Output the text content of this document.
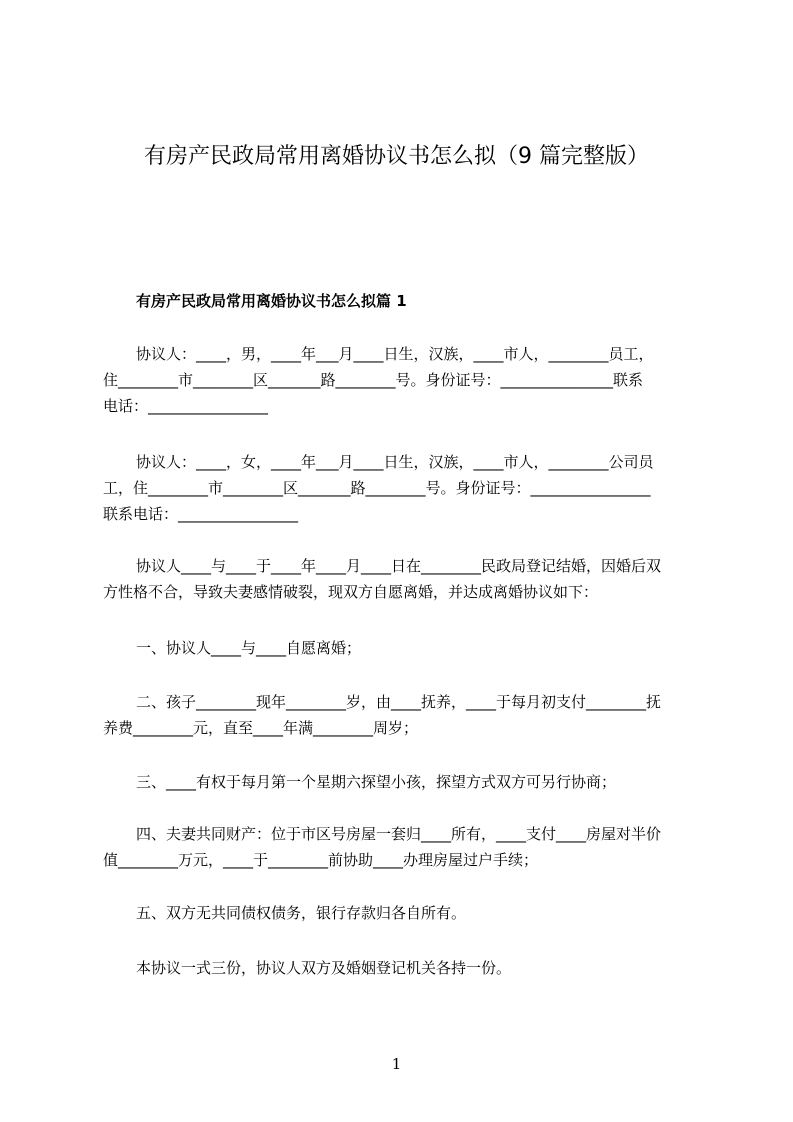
有房产民政局常用离婚协议书怎么拟（9 篇完整版）
有房产民政局常用离婚协议书怎么拟篇 1
协议人：____，男，____年___月____日生，汉族，____市人，________员工，
住________市________区_______路________号。身份证号：_______________联系
电话：________________
协议人：____，女，____年___月____日生，汉族，____市人，________公司员
工，住________市________区_______路________号。身份证号：________________
联系电话：________________
协议人____与____于____年____月____日在________民政局登记结婚，因婚后双
方性格不合，导致夫妻感情破裂，现双方自愿离婚，并达成离婚协议如下：
一、协议人____与____自愿离婚；
二、孩子________现年________岁，由____抚养，____于每月初支付________抚
养费________元，直至____年满________周岁；
三、____有权于每月第一个星期六探望小孩，探望方式双方可另行协商；
四、夫妻共同财产：位于市区号房屋一套归____所有，____支付____房屋对半价
值________万元，____于________前协助____办理房屋过户手续；
五、双方无共同债权债务，银行存款归各自所有。
本协议一式三份，协议人双方及婚姻登记机关各持一份。
1
